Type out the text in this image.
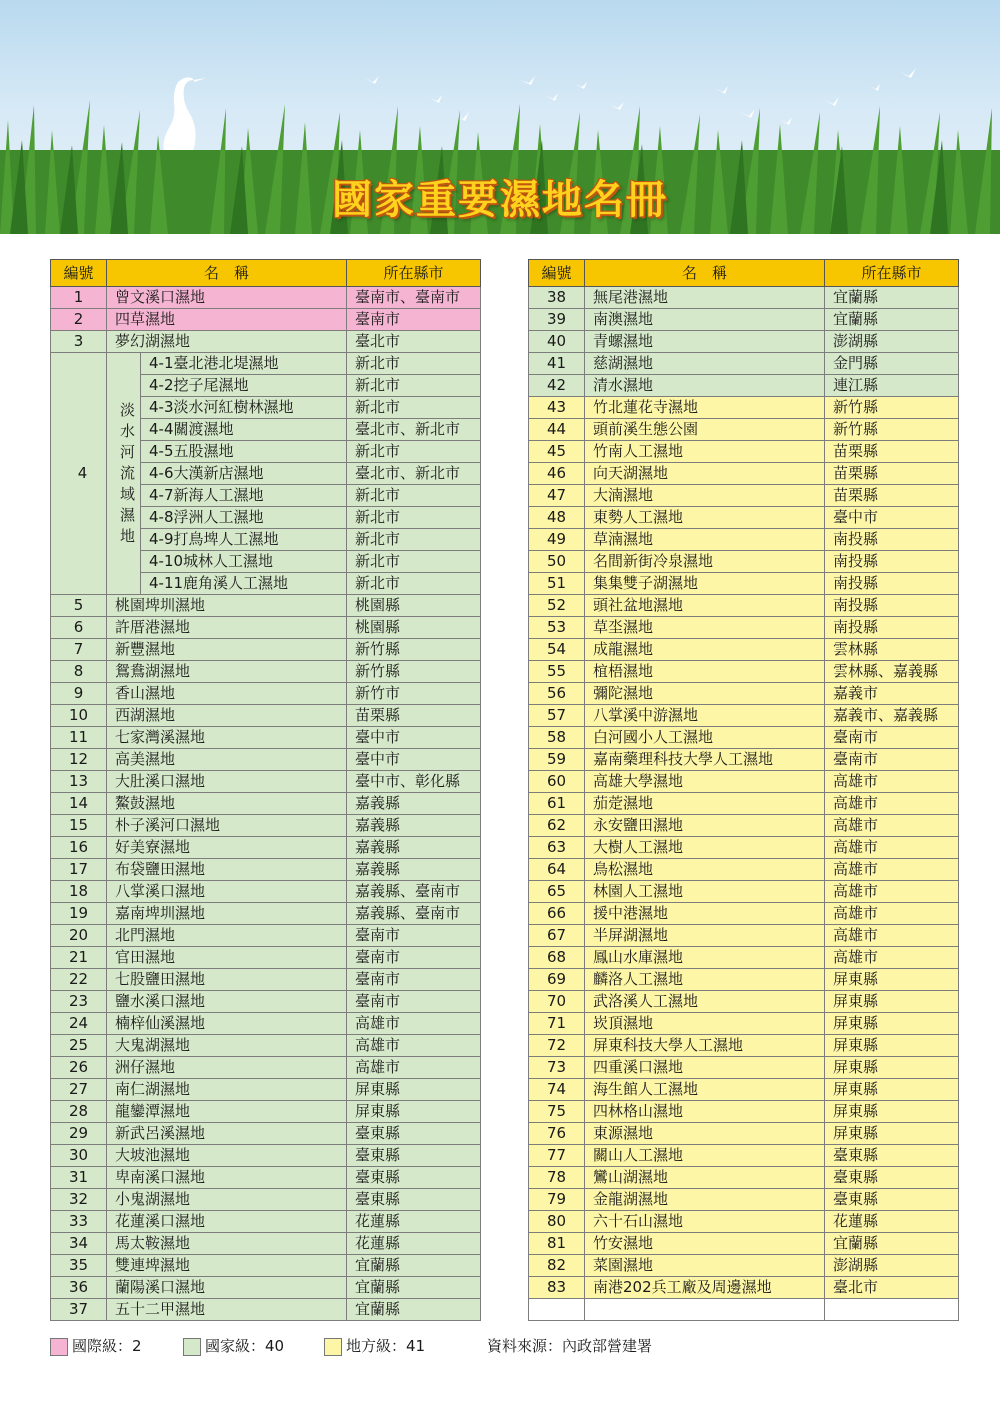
國家重要濕地名冊
編號	名　稱		所在縣市
1	曾文溪口濕地		臺南市、臺南市
2	四草濕地		臺南市
3	夢幻湖濕地		臺北市
4	淡水河流域濕地	4-1臺北港北堤濕地	新北市
		4-2挖子尾濕地	新北市
		4-3淡水河紅樹林濕地	新北市
		4-4關渡濕地	臺北市、新北市
		4-5五股濕地	新北市
		4-6大漢新店濕地	臺北市、新北市
		4-7新海人工濕地	新北市
		4-8浮洲人工濕地	新北市
		4-9打鳥埤人工濕地	新北市
		4-10城林人工濕地	新北市
		4-11鹿角溪人工濕地	新北市
5	桃園埤圳濕地		桃園縣
6	許厝港濕地		桃園縣
7	新豐濕地		新竹縣
8	鴛鴦湖濕地		新竹縣
9	香山濕地		新竹市
10	西湖濕地		苗栗縣
11	七家灣溪濕地		臺中市
12	高美濕地		臺中市
13	大肚溪口濕地		臺中市、彰化縣
14	鰲鼓濕地		嘉義縣
15	朴子溪河口濕地		嘉義縣
16	好美寮濕地		嘉義縣
17	布袋鹽田濕地		嘉義縣
18	八掌溪口濕地		嘉義縣、臺南市
19	嘉南埤圳濕地		嘉義縣、臺南市
20	北門濕地		臺南市
21	官田濕地		臺南市
22	七股鹽田濕地		臺南市
23	鹽水溪口濕地		臺南市
24	楠梓仙溪濕地		高雄市
25	大鬼湖濕地		高雄市
26	洲仔濕地		高雄市
27	南仁湖濕地		屏東縣
28	龍鑾潭濕地		屏東縣
29	新武呂溪濕地		臺東縣
30	大坡池濕地		臺東縣
31	卑南溪口濕地		臺東縣
32	小鬼湖濕地		臺東縣
33	花蓮溪口濕地		花蓮縣
34	馬太鞍濕地		花蓮縣
35	雙連埤濕地		宜蘭縣
36	蘭陽溪口濕地		宜蘭縣
37	五十二甲濕地		宜蘭縣
編號	名　稱	所在縣市
38	無尾港濕地	宜蘭縣
39	南澳濕地	宜蘭縣
40	青螺濕地	澎湖縣
41	慈湖濕地	金門縣
42	清水濕地	連江縣
43	竹北蓮花寺濕地	新竹縣
44	頭前溪生態公園	新竹縣
45	竹南人工濕地	苗栗縣
46	向天湖濕地	苗栗縣
47	大湳濕地	苗栗縣
48	東勢人工濕地	臺中市
49	草湳濕地	南投縣
50	名間新街冷泉濕地	南投縣
51	集集雙子湖濕地	南投縣
52	頭社盆地濕地	南投縣
53	草坔濕地	南投縣
54	成龍濕地	雲林縣
55	椬梧濕地	雲林縣、嘉義縣
56	彌陀濕地	嘉義市
57	八掌溪中游濕地	嘉義市、嘉義縣
58	白河國小人工濕地	臺南市
59	嘉南藥理科技大學人工濕地	臺南市
60	高雄大學濕地	高雄市
61	茄萣濕地	高雄市
62	永安鹽田濕地	高雄市
63	大樹人工濕地	高雄市
64	鳥松濕地	高雄市
65	林園人工濕地	高雄市
66	援中港濕地	高雄市
67	半屏湖濕地	高雄市
68	鳳山水庫濕地	高雄市
69	麟洛人工濕地	屏東縣
70	武洛溪人工濕地	屏東縣
71	崁頂濕地	屏東縣
72	屏東科技大學人工濕地	屏東縣
73	四重溪口濕地	屏東縣
74	海生館人工濕地	屏東縣
75	四林格山濕地	屏東縣
76	東源濕地	屏東縣
77	關山人工濕地	臺東縣
78	鸞山湖濕地	臺東縣
79	金龍湖濕地	臺東縣
80	六十石山濕地	花蓮縣
81	竹安濕地	宜蘭縣
82	菜園濕地	澎湖縣
83	南港202兵工廠及周邊濕地	臺北市

國際級：2	國家級：40	地方級：41	資料來源：內政部營建署
